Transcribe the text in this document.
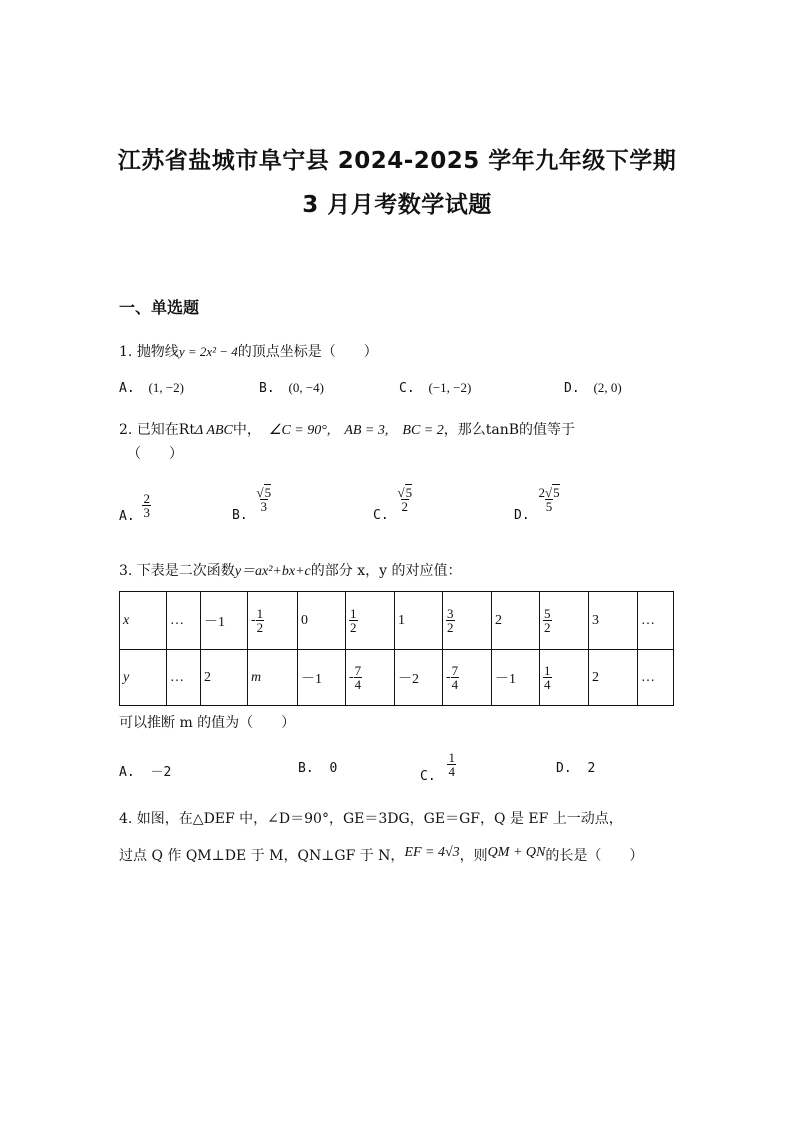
江苏省盐城市阜宁县 2024-2025 学年九年级下学期
3 月月考数学试题
一、单选题
1. 抛物线y = 2x² − 4的顶点坐标是（　　）
A. (1, −2)	B. (0, −4)	C. (−1, −2)	D. (2, 0)
2. 已知在RtΔ ABC中， ∠C = 90°, AB = 3, BC = 2，那么tanB的值等于
（　　）
A. $\frac{2}{3}$	B.
$\frac{√5}{3}$
C.
$\frac{√5}{2}$
D.
$\frac{2√5}{5}$
3. 下表是二次函数y＝ax²+bx+c的部分 x，y 的对应值：
x	…	－1	- $\frac{1}{2}$	0	$\frac{1}{2}$	1	$\frac{3}{2}$	2	$\frac{5}{2}$	3	…
y	…	2	m	－1	- $\frac{7}{4}$	－2	- $\frac{7}{4}$	－1	$\frac{1}{4}$	2	…
可以推断 m 的值为（　　）
A. －2	B. 0
C. $\frac{1}{4}$	D. 2
4. 如图，在△DEF 中，∠D＝90°，GE＝3DG，GE＝GF，Q 是 EF 上一动点，
过点 Q 作 QM⊥DE 于 M，QN⊥GF 于 N，EF = 4√3，则QM + QN的长是（　　）
